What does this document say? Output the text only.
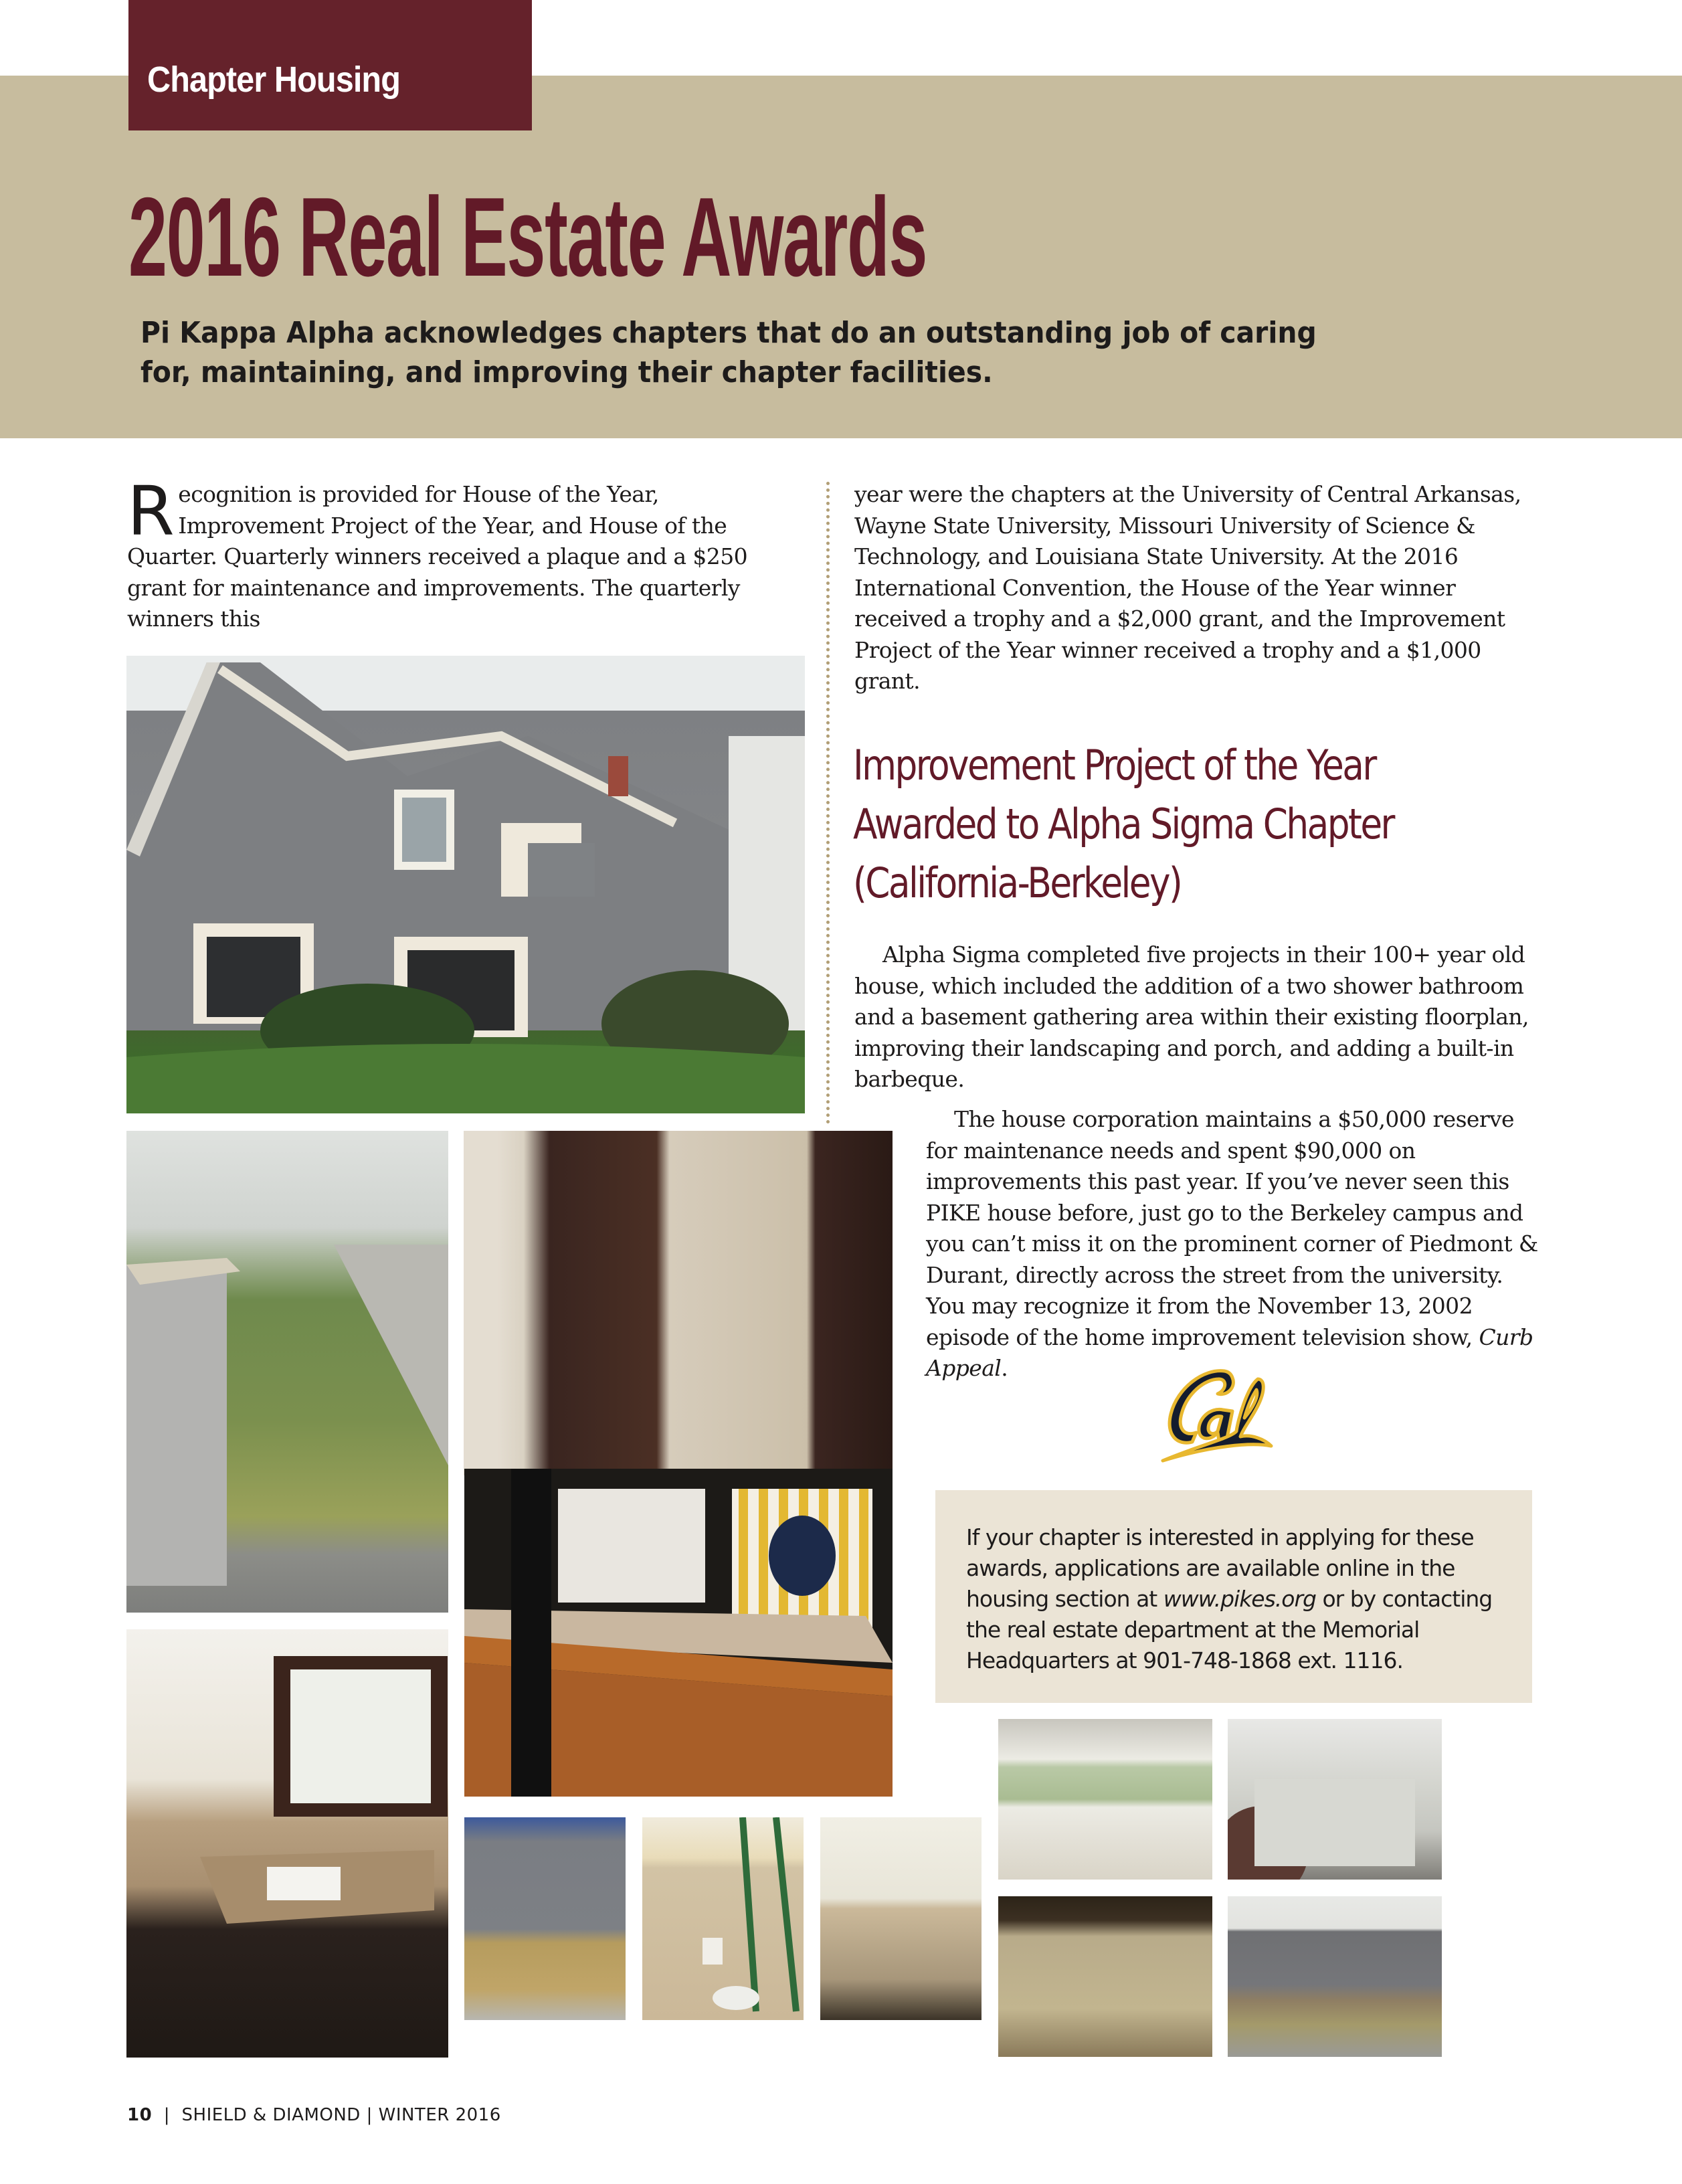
Chapter Housing
2016 Real Estate Awards
Pi Kappa Alpha acknowledges chapters that do an outstanding job of caring for, maintaining, and improving their chapter facilities.
R ecognition is provided for House of the Year, Improvement Project of the Year, and House of the Quarter. Quarterly winners received a plaque and a $250 grant for maintenance and improvements. The quarterly winners this

year were the chapters at the University of Central Arkansas, Wayne State University, Missouri University of Science & Technology, and Louisiana State University. At the 2016 International Convention, the House of the Year winner received a trophy and a $2,000 grant, and the Improvement Project of the Year winner received a trophy and a $1,000 grant.

Improvement Project of the Year Awarded to Alpha Sigma Chapter (California-Berkeley)

Alpha Sigma completed five projects in their 100+ year old house, which included the addition of a two shower bathroom and a basement gathering area within their existing floorplan, improving their landscaping and porch, and adding a built-in barbeque.

The house corporation maintains a $50,000 reserve for maintenance needs and spent $90,000 on improvements this past year. If you’ve never seen this PIKE house before, just go to the Berkeley campus and you can’t miss it on the prominent corner of Piedmont & Durant, directly across the street from the university. You may recognize it from the November 13, 2002 episode of the home improvement television show, Curb Appeal.

If your chapter is interested in applying for these awards, applications are available online in the housing section at www.pikes.org or by contacting the real estate department at the Memorial Headquarters at 901-748-1868 ext. 1116.

10 | SHIELD & DIAMOND | WINTER 2016
